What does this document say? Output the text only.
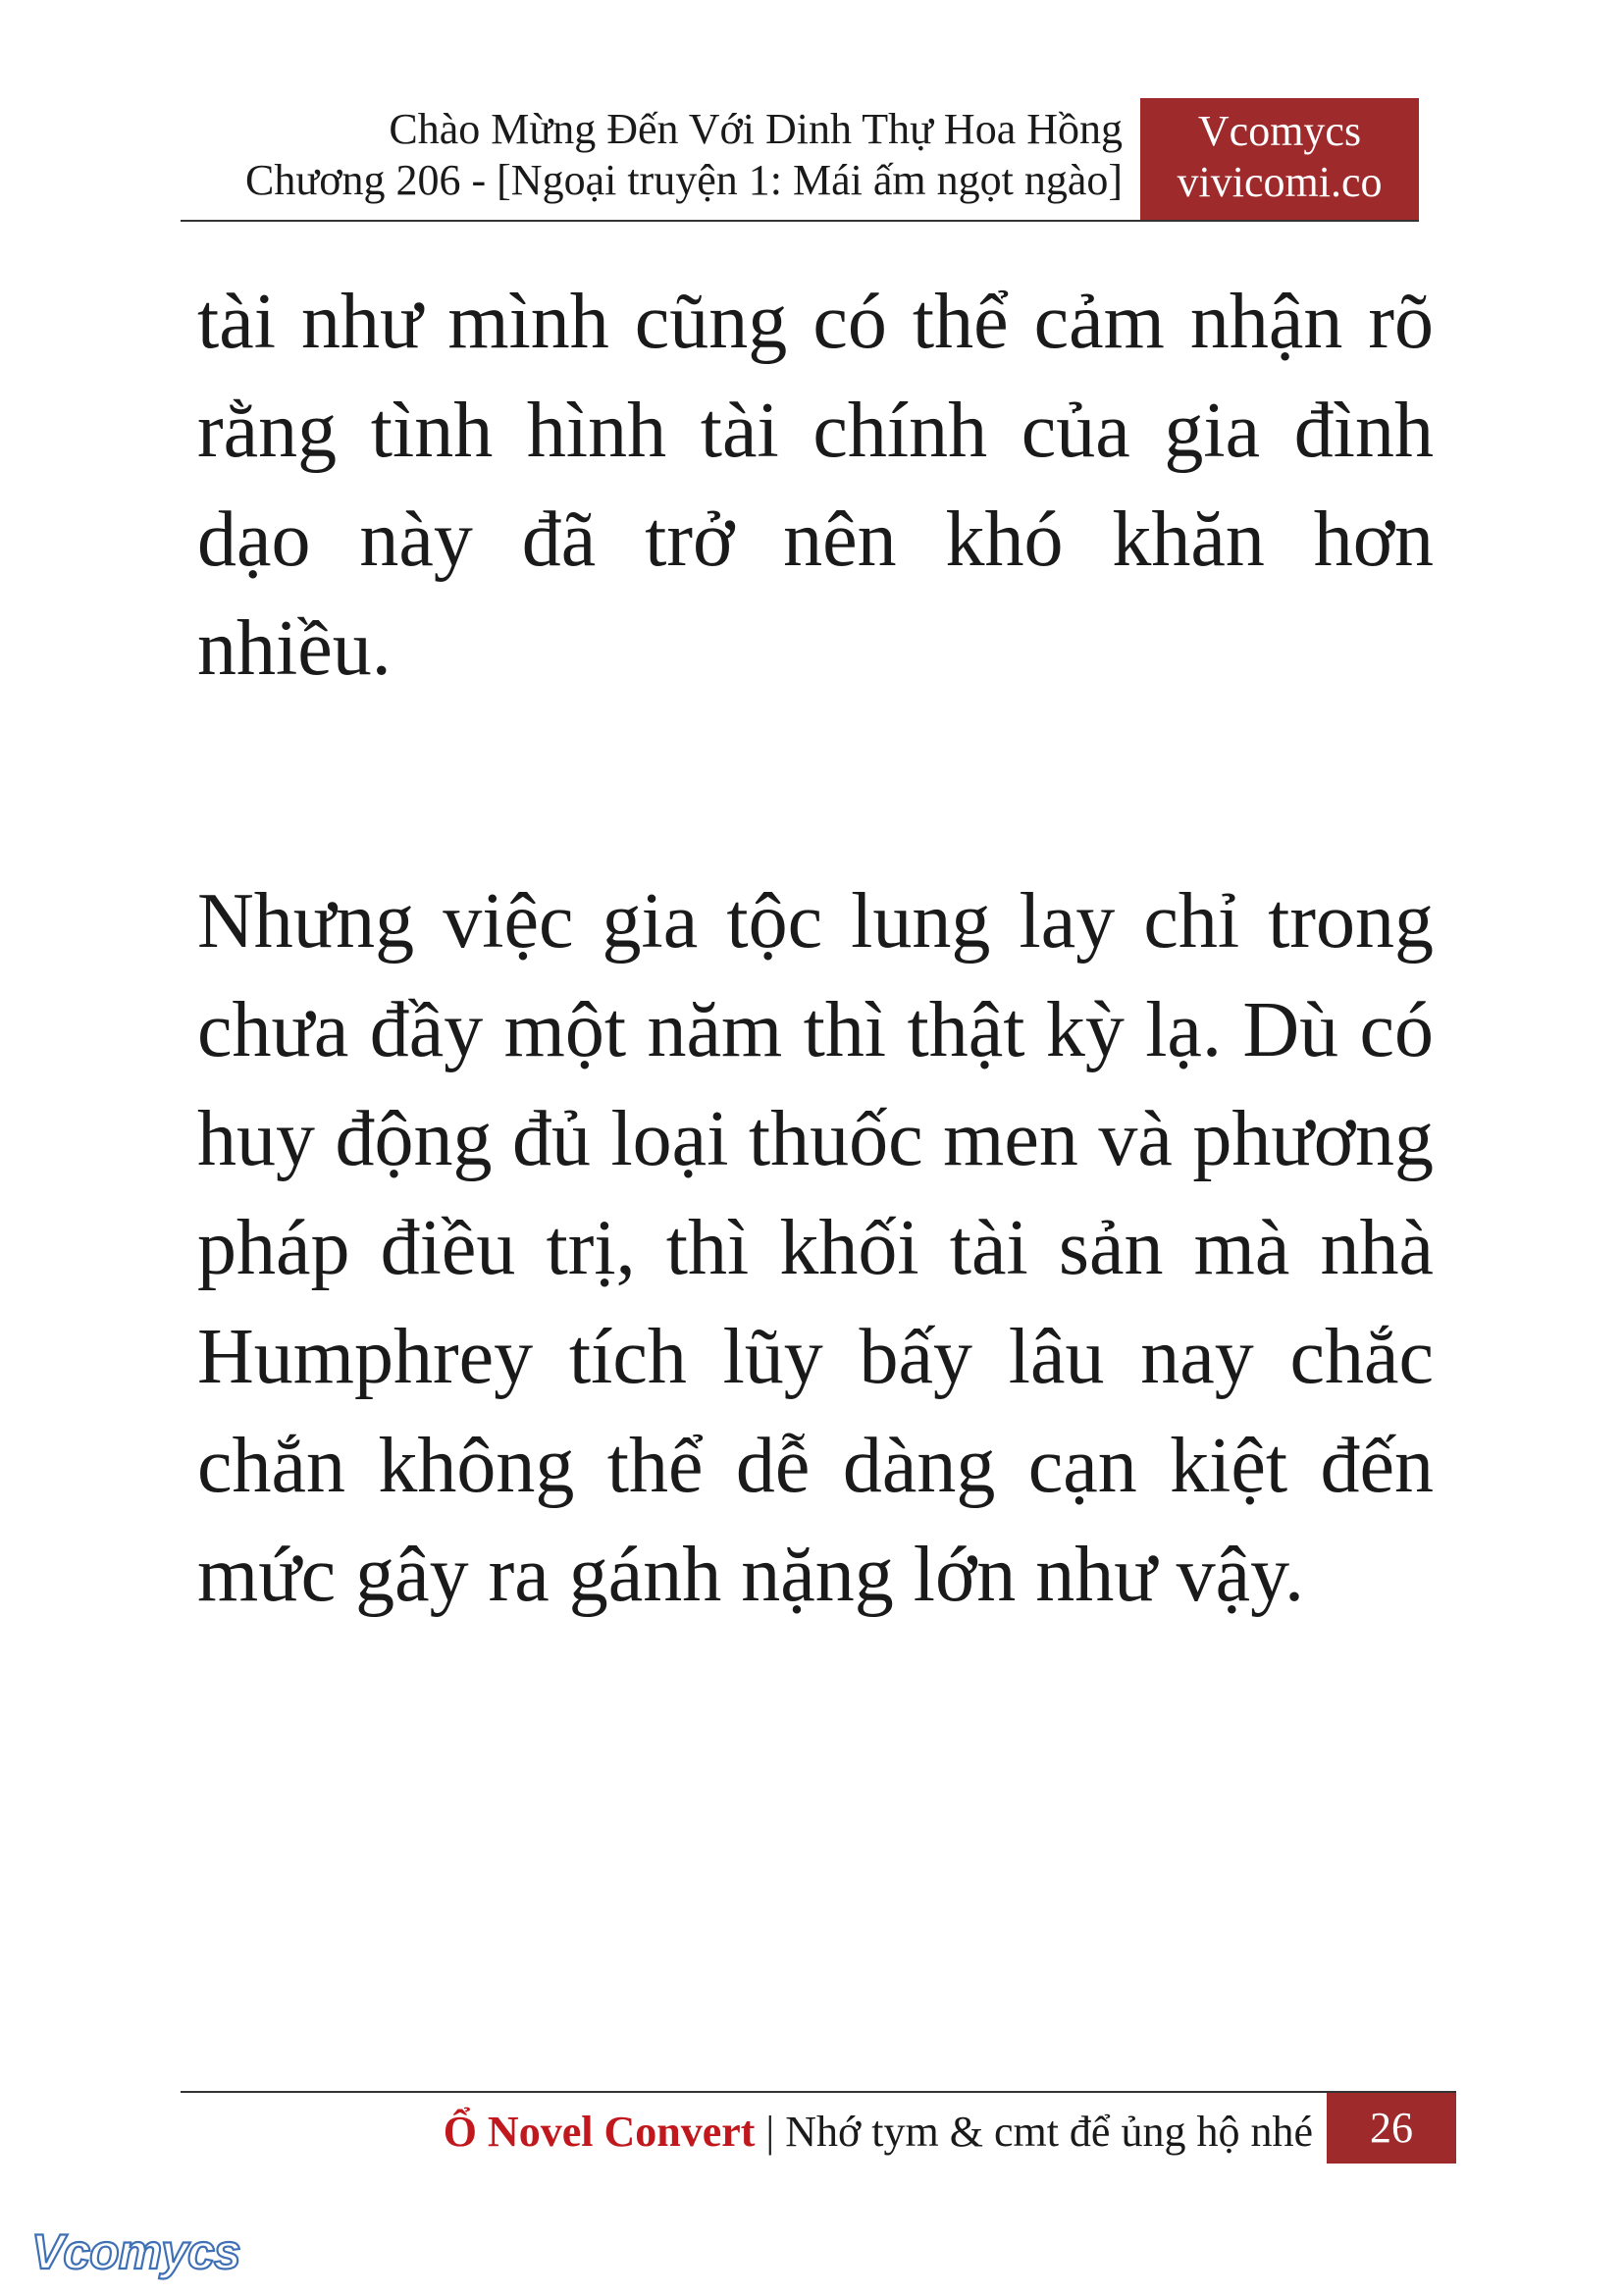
Chào Mừng Đến Với Dinh Thự Hoa Hồng
Chương 206 - [Ngoại truyện 1: Mái ấm ngọt ngào]
Vcomycs
vivicomi.co

tài như mình cũng có thể cảm nhận rõ rằng tình hình tài chính của gia đình dạo này đã trở nên khó khăn hơn nhiều.

Nhưng việc gia tộc lung lay chỉ trong chưa đầy một năm thì thật kỳ lạ. Dù có huy động đủ loại thuốc men và phương pháp điều trị, thì khối tài sản mà nhà Humphrey tích lũy bấy lâu nay chắc chắn không thể dễ dàng cạn kiệt đến mức gây ra gánh nặng lớn như vậy.

Ổ Novel Convert | Nhớ tym & cmt để ủng hộ nhé	26
Vcomycs
